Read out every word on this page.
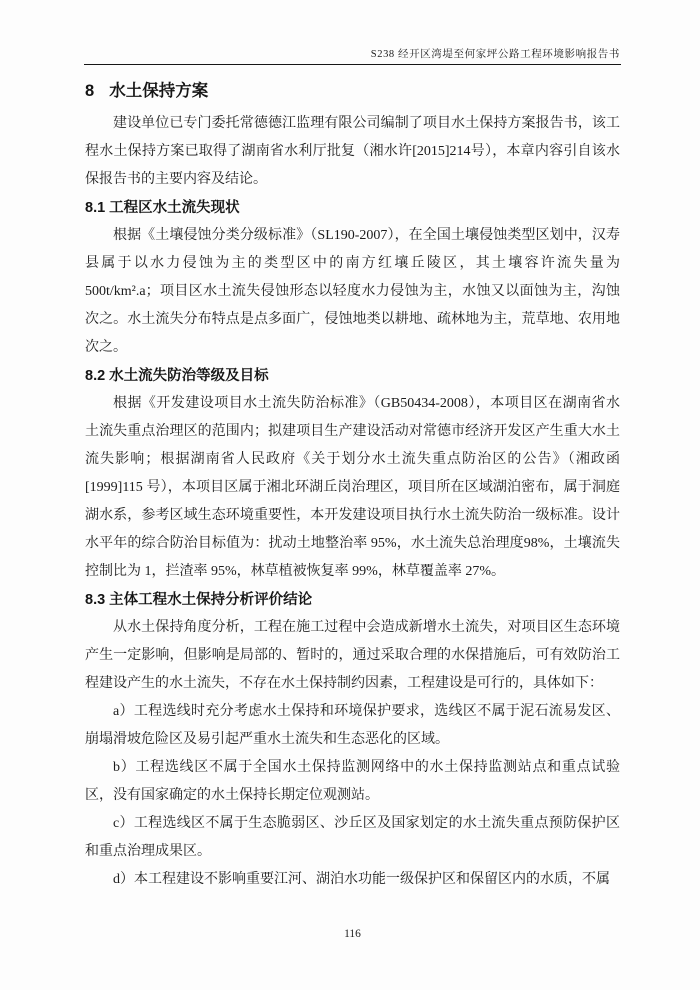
S238 经开区湾堤至何家坪公路工程环境影响报告书
8 水土保持方案

建设单位已专门委托常德德江监理有限公司编制了项目水土保持方案报告书，该工程水土保持方案已取得了湖南省水利厅批复（湘水许[2015]214号），本章内容引自该水保报告书的主要内容及结论。

8.1 工程区水土流失现状

根据《土壤侵蚀分类分级标准》（SL190-2007），在全国土壤侵蚀类型区划中，汉寿县属于以水力侵蚀为主的类型区中的南方红壤丘陵区，其土壤容许流失量为500t/km².a；项目区水土流失侵蚀形态以轻度水力侵蚀为主，水蚀又以面蚀为主，沟蚀次之。水土流失分布特点是点多面广，侵蚀地类以耕地、疏林地为主，荒草地、农用地次之。

8.2 水土流失防治等级及目标

根据《开发建设项目水土流失防治标准》（GB50434-2008），本项目区在湖南省水土流失重点治理区的范围内；拟建项目生产建设活动对常德市经济开发区产生重大水土流失影响；根据湖南省人民政府《关于划分水土流失重点防治区的公告》（湘政函[1999]115 号），本项目区属于湘北环湖丘岗治理区，项目所在区域湖泊密布，属于洞庭湖水系，参考区域生态环境重要性，本开发建设项目执行水土流失防治一级标准。设计水平年的综合防治目标值为：扰动土地整治率 95%，水土流失总治理度98%，土壤流失控制比为 1，拦渣率 95%，林草植被恢复率 99%，林草覆盖率 27%。

8.3 主体工程水土保持分析评价结论

从水土保持角度分析，工程在施工过程中会造成新增水土流失，对项目区生态环境产生一定影响，但影响是局部的、暂时的，通过采取合理的水保措施后，可有效防治工程建设产生的水土流失，不存在水土保持制约因素，工程建设是可行的，具体如下：

a）工程选线时充分考虑水土保持和环境保护要求，选线区不属于泥石流易发区、崩塌滑坡危险区及易引起严重水土流失和生态恶化的区域。

b）工程选线区不属于全国水土保持监测网络中的水土保持监测站点和重点试验区，没有国家确定的水土保持长期定位观测站。

c）工程选线区不属于生态脆弱区、沙丘区及国家划定的水土流失重点预防保护区和重点治理成果区。

d）本工程建设不影响重要江河、湖泊水功能一级保护区和保留区内的水质，不属

116
